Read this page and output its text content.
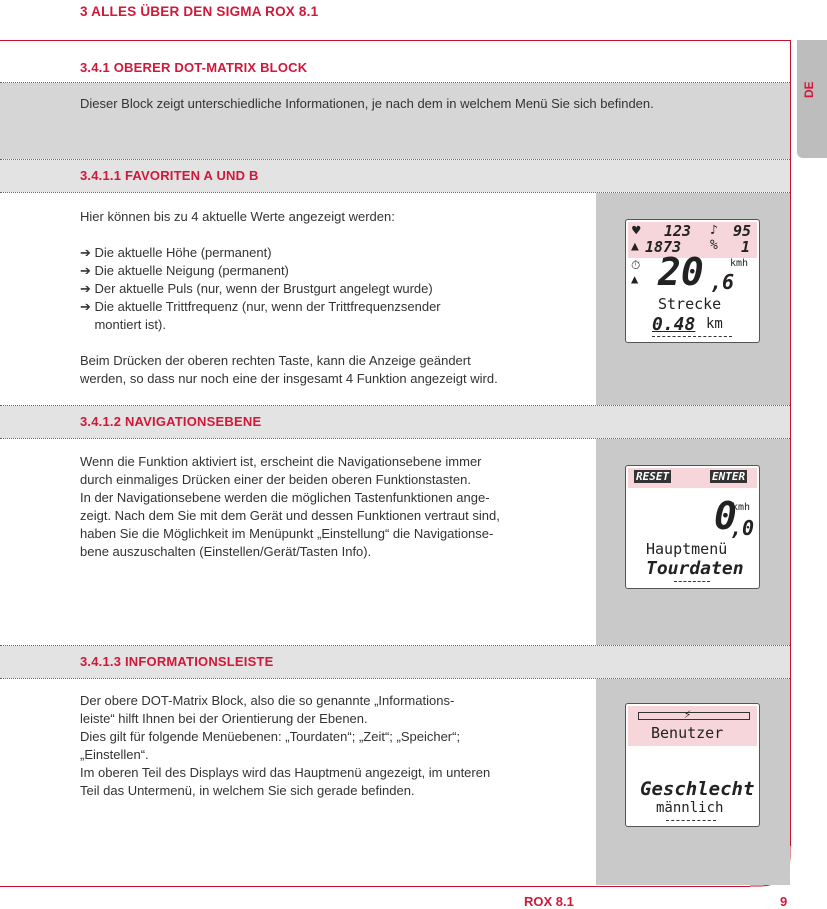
3 ALLES ÜBER DEN SIGMA ROX 8.1
DE
3.4.1 OBERER DOT-MATRIX BLOCK
Dieser Block zeigt unterschiedliche Informationen, je nach dem in welchem Menü Sie sich befinden.
3.4.1.1 FAVORITEN A UND B

Hier können bis zu 4 aktuelle Werte angezeigt werden:

➔ Die aktuelle Höhe (permanent)

➔ Die aktuelle Neigung (permanent)

➔ Der aktuelle Puls (nur, wenn der Brustgurt angelegt wurde)

➔ Die aktuelle Trittfrequenz (nur, wenn der Trittfrequenzsender

montiert ist).

Beim Drücken der oberen rechten Taste, kann die Anzeige geändert

werden, so dass nur noch eine der insgesamt 4 Funktion angezeigt wird.

♥ 123 ♪ 95
▲ 1873 % 1
⏱
▲ 20 ,6
kmh
Strecke
0.48 km
3.4.1.2 NAVIGATIONSEBENE

Wenn die Funktion aktiviert ist, erscheint die Navigationsebene immer

durch einmaliges Drücken einer der beiden oberen Funktionstasten.

In der Navigationsebene werden die möglichen Tastenfunktionen ange-

zeigt. Nach dem Sie mit dem Gerät und dessen Funktionen vertraut sind,

haben Sie die Möglichkeit im Menüpunkt „Einstellung“ die Navigationse-

bene auszuschalten (Einstellen/Gerät/Tasten Info).

RESET	ENTER
0
,0
kmh
Hauptmenü
Tourdaten
3.4.1.3 INFORMATIONSLEISTE

Der obere DOT-Matrix Block, also die so genannte „Informations-

leiste“ hilft Ihnen bei der Orientierung der Ebenen.

Dies gilt für folgende Menüebenen: „Tourdaten“; „Zeit“; „Speicher“;

„Einstellen“.

Im oberen Teil des Displays wird das Hauptmenü angezeigt, im unteren

Teil das Untermenü, in welchem Sie sich gerade befinden.

⚡
Benutzer
Geschlecht
männlich
ROX 8.1	9
